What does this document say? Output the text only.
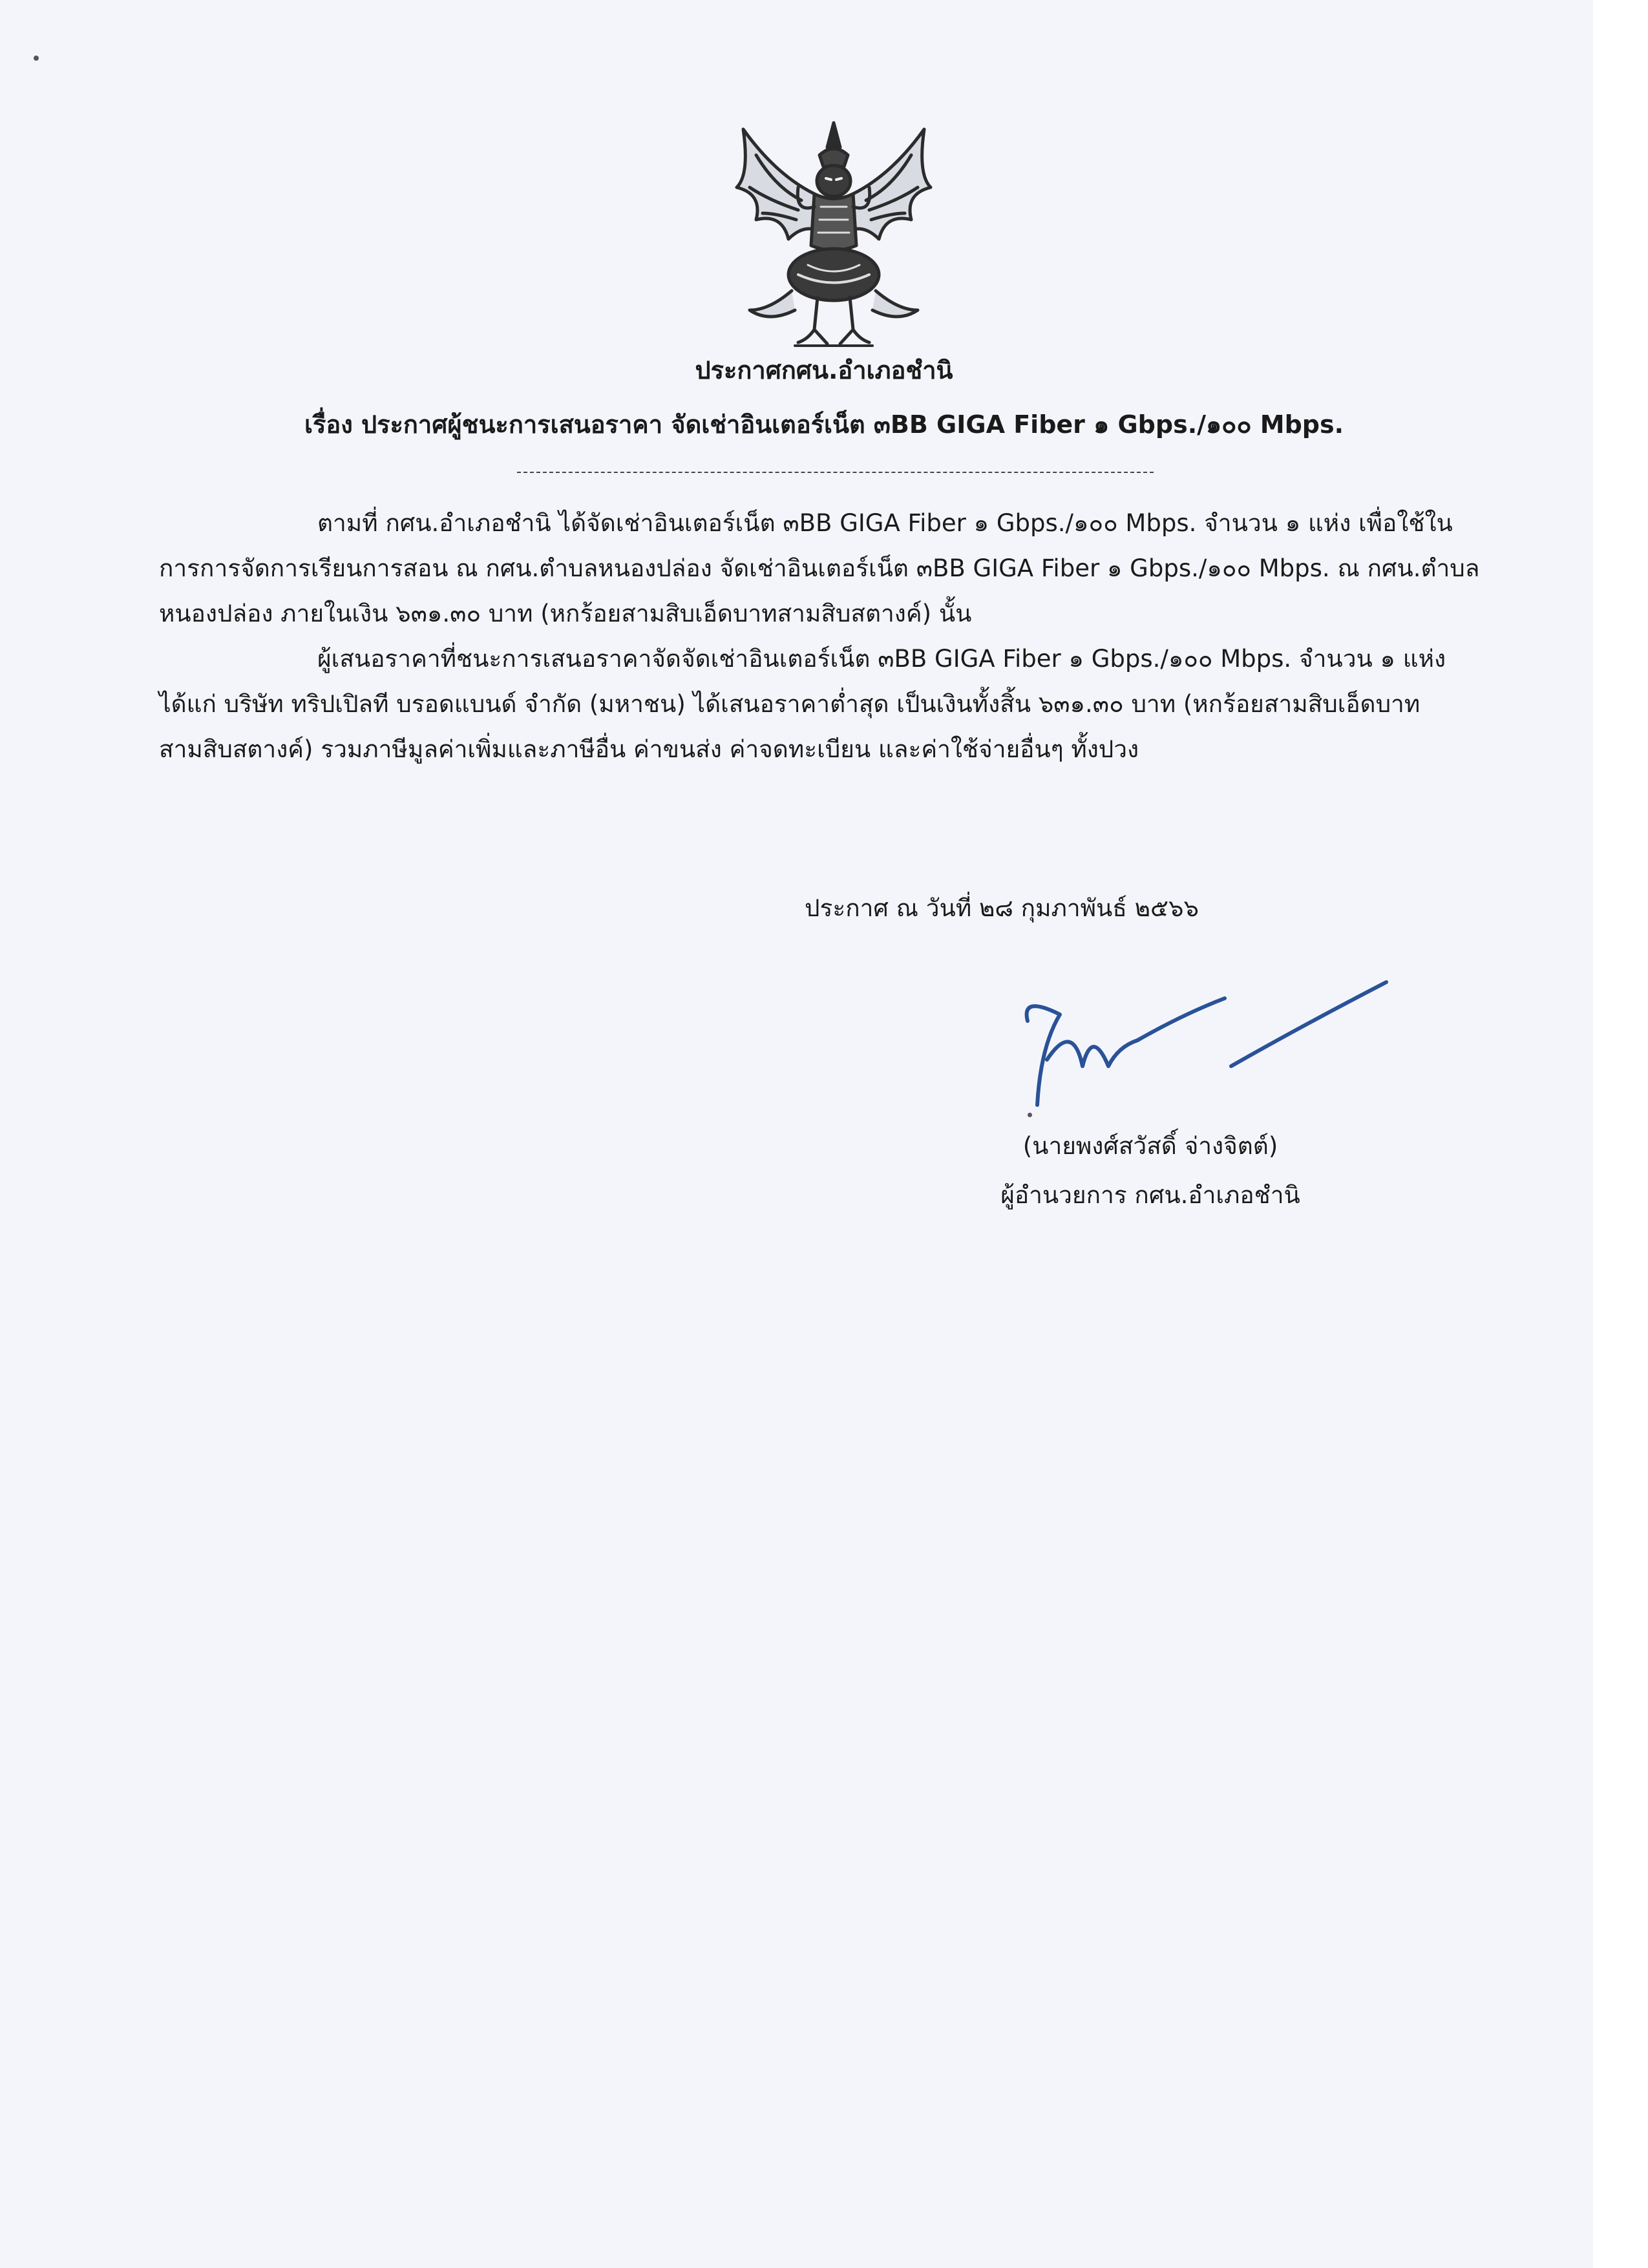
ประกาศกศน.อำเภอชำนิ
เรื่อง ประกาศผู้ชนะการเสนอราคา จัดเช่าอินเตอร์เน็ต ๓BB GIGA Fiber ๑ Gbps./๑๐๐ Mbps.

ตามที่ กศน.อำเภอชำนิ ได้จัดเช่าอินเตอร์เน็ต ๓BB GIGA Fiber ๑ Gbps./๑๐๐ Mbps. จำนวน ๑ แห่ง เพื่อใช้ในการการจัดการเรียนการสอน ณ กศน.ตำบลหนองปล่อง จัดเช่าอินเตอร์เน็ต ๓BB GIGA Fiber ๑ Gbps./๑๐๐ Mbps. ณ กศน.ตำบลหนองปล่อง ภายในเงิน ๖๓๑.๓๐ บาท (หกร้อยสามสิบเอ็ดบาทสามสิบสตางค์) นั้น

ผู้เสนอราคาที่ชนะการเสนอราคาจัดจัดเช่าอินเตอร์เน็ต ๓BB GIGA Fiber ๑ Gbps./๑๐๐ Mbps. จำนวน ๑ แห่ง ได้แก่ บริษัท ทริปเปิลที บรอดแบนด์ จำกัด (มหาชน) ได้เสนอราคาต่ำสุด เป็นเงินทั้งสิ้น ๖๓๑.๓๐ บาท (หกร้อยสามสิบเอ็ดบาทสามสิบสตางค์) รวมภาษีมูลค่าเพิ่มและภาษีอื่น ค่าขนส่ง ค่าจดทะเบียน และค่าใช้จ่ายอื่นๆ ทั้งปวง

ประกาศ ณ วันที่ ๒๘ กุมภาพันธ์ ๒๕๖๖
(นายพงศ์สวัสดิ์ จ่างจิตต์)
ผู้อำนวยการ กศน.อำเภอชำนิ
